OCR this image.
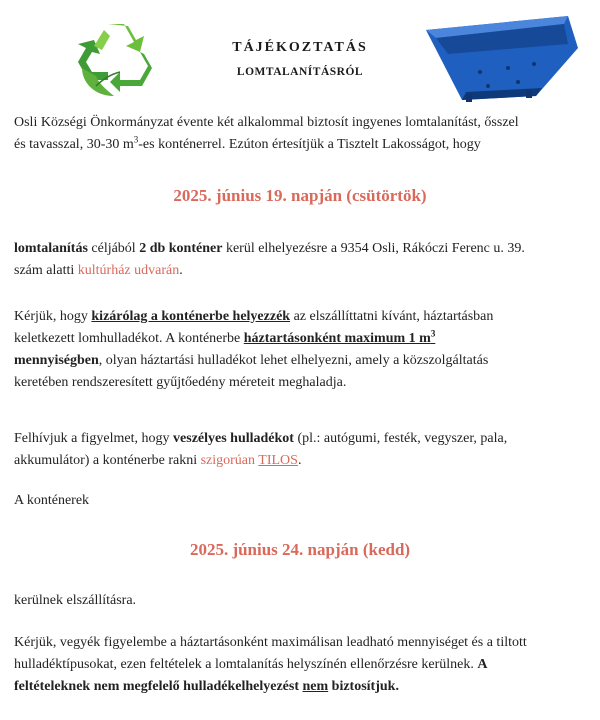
TÁJÉKOZTATÁS
LOMTALANÍTÁSRÓL

Osli Községi Önkormányzat évente két alkalommal biztosít ingyenes lomtalanítást, ősszel
és tavasszal, 30-30 $m^3-es$ konténerrel. Ezúton értesítjük a Tisztelt Lakosságot, hogy

2025. június 19. napján (csütörtök)

lomtalanítás céljából 2 db konténer kerül elhelyezésre a 9354 Osli, Rákóczi Ferenc u. 39.
szám alatti kultúrház udvarán.

Kérjük, hogy kizárólag a konténerbe helyezzék az elszállíttatni kívánt, háztartásban
keletkezett lomhulladékot. A konténerbe háztartásonként maximum 1 $m^3$
mennyiségben, olyan háztartási hulladékot lehet elhelyezni, amely a közszolgáltatás
keretében rendszeresített gyűjtőedény méreteit meghaladja.

Felhívjuk a figyelmet, hogy veszélyes hulladékot (pl.: autógumi, festék, vegyszer, pala,
akkumulátor) a konténerbe rakni szigorúan TILOS.

A konténerek

2025. június 24. napján (kedd)

kerülnek elszállításra.

Kérjük, vegyék figyelembe a háztartásonként maximálisan leadható mennyiséget és a tiltott
hulladéktípusokat, ezen feltételek a lomtalanítás helyszínén ellenőrzésre kerülnek. A
feltételeknek nem megfelelő hulladékelhelyezést nem biztosítjuk.
